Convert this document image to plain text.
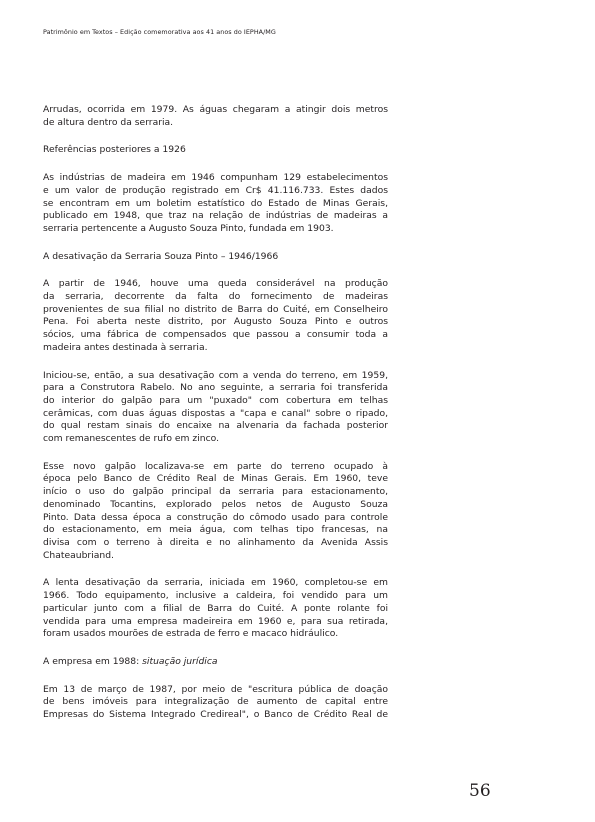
Patrimônio em Textos – Edição comemorativa aos 41 anos do IEPHA/MG
Arrudas, ocorrida em 1979. As águas chegaram a atingir dois metros
de altura dentro da serraria.
Referências posteriores a 1926
As indústrias de madeira em 1946 compunham 129 estabelecimentos
e um valor de produção registrado em Cr$ 41.116.733. Estes dados
se encontram em um boletim estatístico do Estado de Minas Gerais,
publicado em 1948, que traz na relação de indústrias de madeiras a
serraria pertencente a Augusto Souza Pinto, fundada em 1903.
A desativação da Serraria Souza Pinto – 1946/1966
A partir de 1946, houve uma queda considerável na produção
da serraria, decorrente da falta do fornecimento de madeiras
provenientes de sua filial no distrito de Barra do Cuité, em Conselheiro
Pena. Foi aberta neste distrito, por Augusto Souza Pinto e outros
sócios, uma fábrica de compensados que passou a consumir toda a
madeira antes destinada à serraria.
Iniciou-se, então, a sua desativação com a venda do terreno, em 1959,
para a Construtora Rabelo. No ano seguinte, a serraria foi transferida
do interior do galpão para um "puxado" com cobertura em telhas
cerâmicas, com duas águas dispostas a "capa e canal" sobre o ripado,
do qual restam sinais do encaixe na alvenaria da fachada posterior
com remanescentes de rufo em zinco.
Esse novo galpão localizava-se em parte do terreno ocupado à
época pelo Banco de Crédito Real de Minas Gerais. Em 1960, teve
início o uso do galpão principal da serraria para estacionamento,
denominado Tocantins, explorado pelos netos de Augusto Souza
Pinto. Data dessa época a construção do cômodo usado para controle
do estacionamento, em meia água, com telhas tipo francesas, na
divisa com o terreno à direita e no alinhamento da Avenida Assis
Chateaubriand.
A lenta desativação da serraria, iniciada em 1960, completou-se em
1966. Todo equipamento, inclusive a caldeira, foi vendido para um
particular junto com a filial de Barra do Cuité. A ponte rolante foi
vendida para uma empresa madeireira em 1960 e, para sua retirada,
foram usados mourões de estrada de ferro e macaco hidráulico.
A empresa em 1988: situação jurídica
Em 13 de março de 1987, por meio de "escritura pública de doação
de bens imóveis para integralização de aumento de capital entre
Empresas do Sistema Integrado Credireal", o Banco de Crédito Real de
56
